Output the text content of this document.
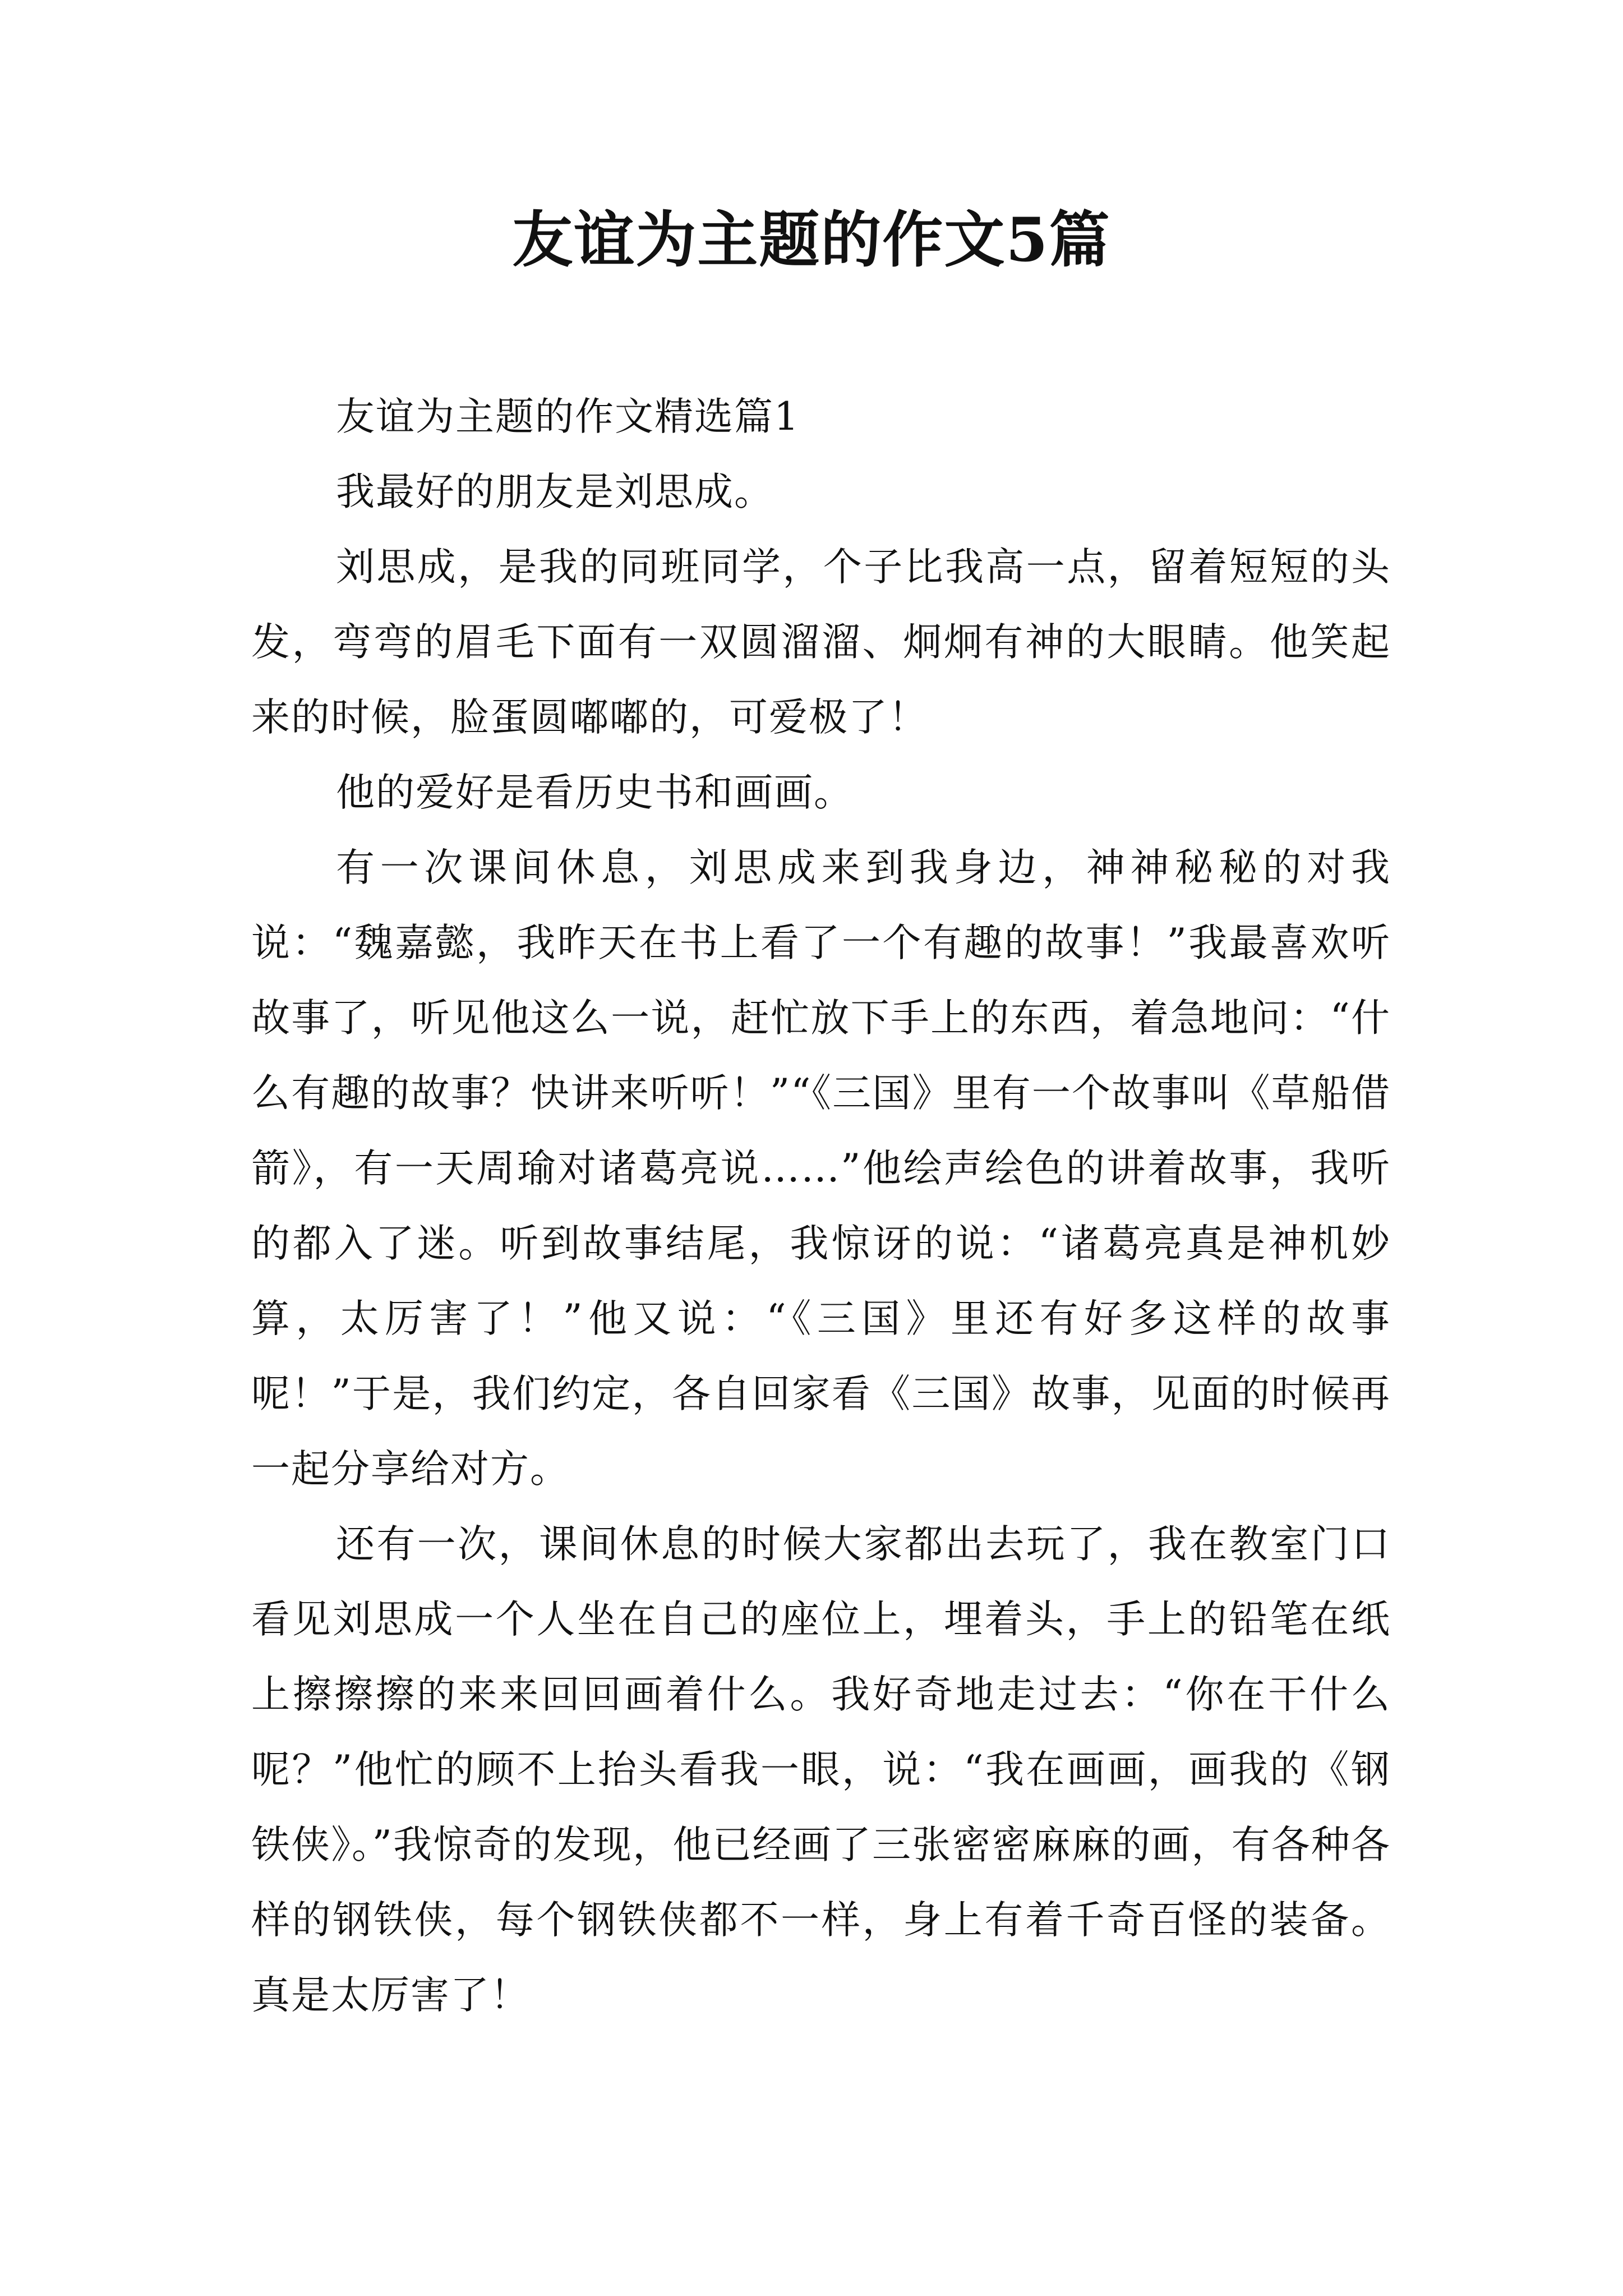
友谊为主题的作文5篇

友谊为主题的作文精选篇1

我最好的朋友是刘思成。

刘思成，是我的同班同学，个子比我高一点，留着短短的头发，弯弯的眉毛下面有一双圆溜溜、炯炯有神的大眼睛。他笑起来的时候，脸蛋圆嘟嘟的，可爱极了！

他的爱好是看历史书和画画。

有一次课间休息，刘思成来到我身边，神神秘秘的对我说：“魏嘉懿，我昨天在书上看了一个有趣的故事！”我最喜欢听故事了，听见他这么一说，赶忙放下手上的东西，着急地问：“什么有趣的故事？快讲来听听！”“《三国》里有一个故事叫《草船借箭》，有一天周瑜对诸葛亮说……”他绘声绘色的讲着故事，我听的都入了迷。听到故事结尾，我惊讶的说：“诸葛亮真是神机妙算，太厉害了！”他又说：“《三国》里还有好多这样的故事呢！”于是，我们约定，各自回家看《三国》故事，见面的时候再一起分享给对方。

还有一次，课间休息的时候大家都出去玩了，我在教室门口看见刘思成一个人坐在自己的座位上，埋着头，手上的铅笔在纸上擦擦擦的来来回回画着什么。我好奇地走过去：“你在干什么呢？”他忙的顾不上抬头看我一眼，说：“我在画画，画我的《钢铁侠》。”我惊奇的发现，他已经画了三张密密麻麻的画，有各种各样的钢铁侠，每个钢铁侠都不一样，身上有着千奇百怪的装备。真是太厉害了！
